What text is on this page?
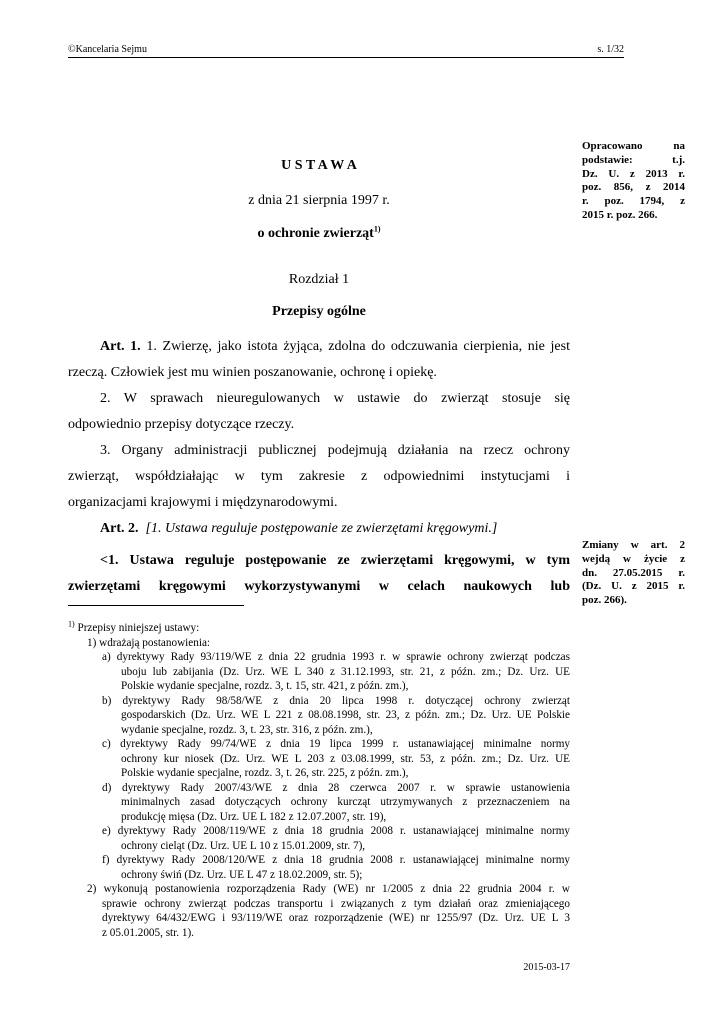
©Kancelaria Sejmu	s. 1/32
Opracowano na
podstawie: t.j.
Dz. U. z 2013 r.
poz. 856, z 2014
r. poz. 1794, z
2015 r. poz. 266.
U S T A W A
z dnia 21 sierpnia 1997 r.
o ochronie zwierząt$^{1)}$
Rozdział 1
Przepisy ogólne
Art. 1. 1. Zwierzę, jako istota żyjąca, zdolna do odczuwania cierpienia, nie jest
rzeczą. Człowiek jest mu winien poszanowanie, ochronę i opiekę.
2. W sprawach nieuregulowanych w ustawie do zwierząt stosuje się
odpowiednio przepisy dotyczące rzeczy.
3. Organy administracji publicznej podejmują działania na rzecz ochrony
zwierząt, współdziałając w tym zakresie z odpowiednimi instytucjami i
organizacjami krajowymi i międzynarodowymi.
Art. 2. [1. Ustawa reguluje postępowanie ze zwierzętami kręgowymi.]
Zmiany w art. 2
wejdą w życie z
dn. 27.05.2015 r.
(Dz. U. z 2015 r.
poz. 266).
<1. Ustawa reguluje postępowanie ze zwierzętami kręgowymi, w tym
zwierzętami kręgowymi wykorzystywanymi w celach naukowych lub
$^{1)}$ Przepisy niniejszej ustawy:
1) wdrażają postanowienia:
a) dyrektywy Rady 93/119/WE z dnia 22 grudnia 1993 r. w sprawie ochrony zwierząt podczas
uboju lub zabijania (Dz. Urz. WE L 340 z 31.12.1993, str. 21, z późn. zm.; Dz. Urz. UE
Polskie wydanie specjalne, rozdz. 3, t. 15, str. 421, z późn. zm.),
b) dyrektywy Rady 98/58/WE z dnia 20 lipca 1998 r. dotyczącej ochrony zwierząt
gospodarskich (Dz. Urz. WE L 221 z 08.08.1998, str. 23, z późn. zm.; Dz. Urz. UE Polskie
wydanie specjalne, rozdz. 3, t. 23, str. 316, z późn. zm.),
c) dyrektywy Rady 99/74/WE z dnia 19 lipca 1999 r. ustanawiającej minimalne normy
ochrony kur niosek (Dz. Urz. WE L 203 z 03.08.1999, str. 53, z późn. zm.; Dz. Urz. UE
Polskie wydanie specjalne, rozdz. 3, t. 26, str. 225, z późn. zm.),
d) dyrektywy Rady 2007/43/WE z dnia 28 czerwca 2007 r. w sprawie ustanowienia
minimalnych zasad dotyczących ochrony kurcząt utrzymywanych z przeznaczeniem na
produkcję mięsa (Dz. Urz. UE L 182 z 12.07.2007, str. 19),
e) dyrektywy Rady 2008/119/WE z dnia 18 grudnia 2008 r. ustanawiającej minimalne normy
ochrony cieląt (Dz. Urz. UE L 10 z 15.01.2009, str. 7),
f) dyrektywy Rady 2008/120/WE z dnia 18 grudnia 2008 r. ustanawiającej minimalne normy
ochrony świń (Dz. Urz. UE L 47 z 18.02.2009, str. 5);
2) wykonują postanowienia rozporządzenia Rady (WE) nr 1/2005 z dnia 22 grudnia 2004 r. w
sprawie ochrony zwierząt podczas transportu i związanych z tym działań oraz zmieniającego
dyrektywy 64/432/EWG i 93/119/WE oraz rozporządzenie (WE) nr 1255/97 (Dz. Urz. UE L 3
z 05.01.2005, str. 1).
2015-03-17
